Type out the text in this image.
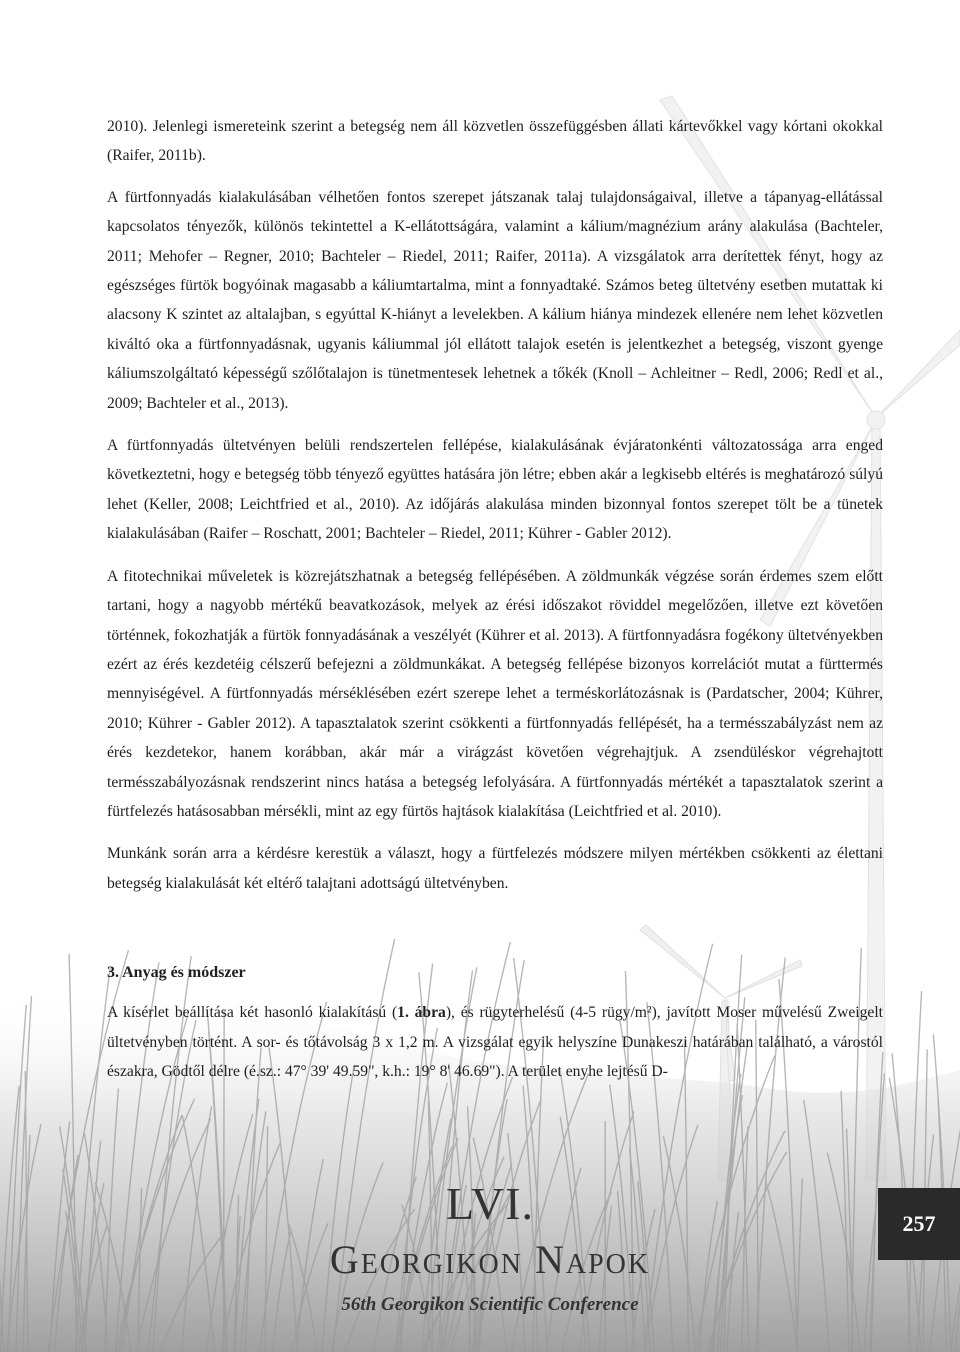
2010). Jelenlegi ismereteink szerint a betegség nem áll közvetlen összefüggésben állati kártevőkkel vagy kórtani okokkal (Raifer, 2011b).

A fürtfonnyadás kialakulásában vélhetően fontos szerepet játszanak talaj tulajdonságaival, illetve a tápanyag-ellátással kapcsolatos tényezők, különös tekintettel a K-ellátottságára, valamint a kálium/magnézium arány alakulása (Bachteler, 2011; Mehofer – Regner, 2010; Bachteler – Riedel, 2011; Raifer, 2011a). A vizsgálatok arra derítettek fényt, hogy az egészséges fürtök bogyóinak magasabb a káliumtartalma, mint a fonnyadtaké. Számos beteg ültetvény esetben mutattak ki alacsony K szintet az altalajban, s egyúttal K-hiányt a levelekben. A kálium hiánya mindezek ellenére nem lehet közvetlen kiváltó oka a fürtfonnyadásnak, ugyanis káliummal jól ellátott talajok esetén is jelentkezhet a betegség, viszont gyenge káliumszolgáltató képességű szőlőtalajon is tünetmentesek lehetnek a tőkék (Knoll – Achleitner – Redl, 2006; Redl et al., 2009; Bachteler et al., 2013).

A fürtfonnyadás ültetvényen belüli rendszertelen fellépése, kialakulásának évjáratonkénti változatossága arra enged következtetni, hogy e betegség több tényező együttes hatására jön létre; ebben akár a legkisebb eltérés is meghatározó súlyú lehet (Keller, 2008; Leichtfried et al., 2010). Az időjárás alakulása minden bizonnyal fontos szerepet tölt be a tünetek kialakulásában (Raifer – Roschatt, 2001; Bachteler – Riedel, 2011; Kührer - Gabler 2012).

A fitotechnikai műveletek is közrejátszhatnak a betegség fellépésében. A zöldmunkák végzése során érdemes szem előtt tartani, hogy a nagyobb mértékű beavatkozások, melyek az érési időszakot röviddel megelőzően, illetve ezt követően történnek, fokozhatják a fürtök fonnyadásának a veszélyét (Kührer et al. 2013). A fürtfonnyadásra fogékony ültetvényekben ezért az érés kezdetéig célszerű befejezni a zöldmunkákat. A betegség fellépése bizonyos korrelációt mutat a fürttermés mennyiségével. A fürtfonnyadás mérséklésében ezért szerepe lehet a terméskorlátozásnak is (Pardatscher, 2004; Kührer, 2010; Kührer - Gabler 2012). A tapasztalatok szerint csökkenti a fürtfonnyadás fellépését, ha a termésszabályzást nem az érés kezdetekor, hanem korábban, akár már a virágzást követően végrehajtjuk. A zsendüléskor végrehajtott termésszabályozásnak rendszerint nincs hatása a betegség lefolyására. A fürtfonnyadás mértékét a tapasztalatok szerint a fürtfelezés hatásosabban mérsékli, mint az egy fürtös hajtások kialakítása (Leichtfried et al. 2010).

Munkánk során arra a kérdésre kerestük a választ, hogy a fürtfelezés módszere milyen mértékben csökkenti az élettani betegség kialakulását két eltérő talajtani adottságú ültetvényben.

3. Anyag és módszer

A kísérlet beállítása két hasonló kialakítású (1. ábra), és rügyterhelésű (4-5 rügy/m²), javított Moser művelésű Zweigelt ültetvényben történt. A sor- és tőtávolság 3 x 1,2 m. A vizsgálat egyik helyszíne Dunakeszi határában található, a várostól északra, Gödtől délre (é.sz.: 47° 39' 49.59", k.h.: 19° 8' 46.69"). A terület enyhe lejtésű D-

LVI.
Georgikon Napok
56th Georgikon Scientific Conference
257
